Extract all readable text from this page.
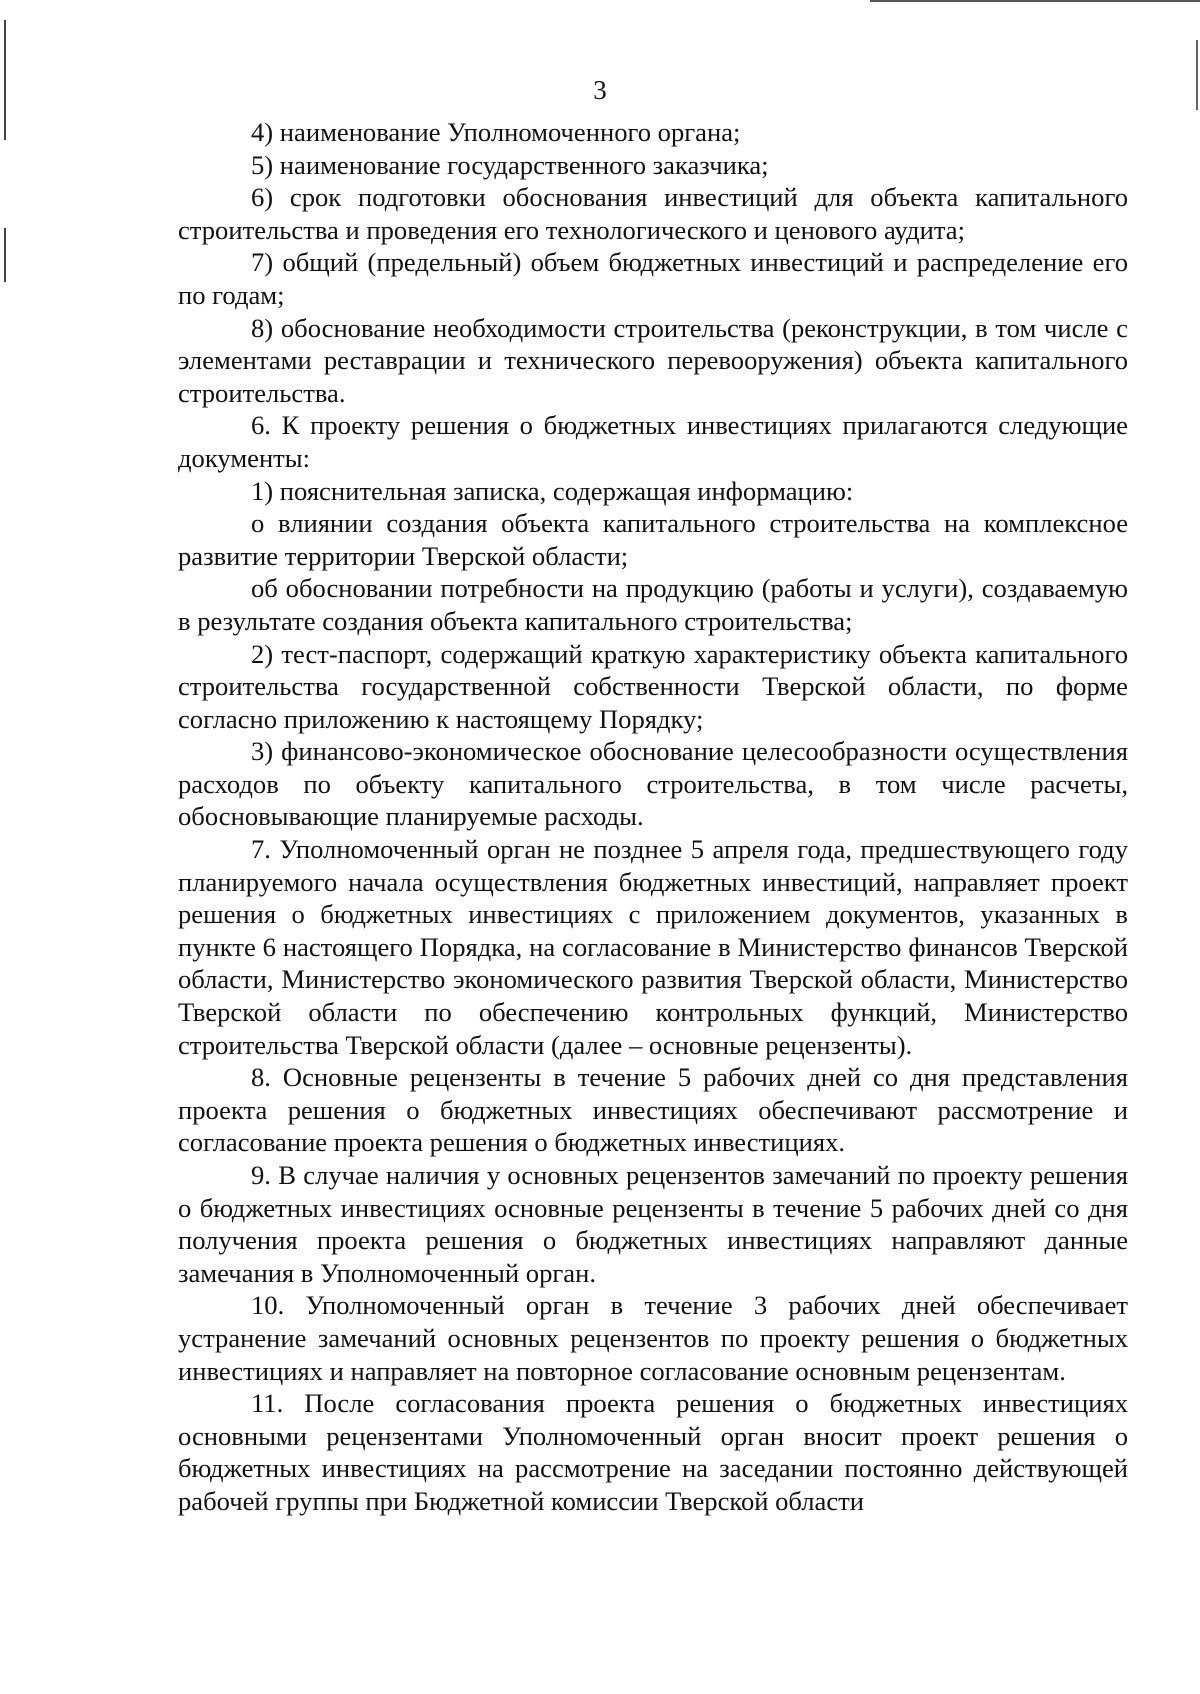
3

4) наименование Уполномоченного органа;

5) наименование государственного заказчика;

6) срок подготовки обоснования инвестиций для объекта капитального строительства и проведения его технологического и ценового аудита;

7) общий (предельный) объем бюджетных инвестиций и распределение его по годам;

8) обоснование необходимости строительства (реконструкции, в том числе с элементами реставрации и технического перевооружения) объекта капитального строительства.

6. К проекту решения о бюджетных инвестициях прилагаются следующие документы:

1) пояснительная записка, содержащая информацию:

о влиянии создания объекта капитального строительства на комплексное развитие территории Тверской области;

об обосновании потребности на продукцию (работы и услуги), создаваемую в результате создания объекта капитального строительства;

2) тест-паспорт, содержащий краткую характеристику объекта капитального строительства государственной собственности Тверской области, по форме согласно приложению к настоящему Порядку;

3) финансово-экономическое обоснование целесообразности осуществления расходов по объекту капитального строительства, в том числе расчеты, обосновывающие планируемые расходы.

7. Уполномоченный орган не позднее 5 апреля года, предшествующего году планируемого начала осуществления бюджетных инвестиций, направляет проект решения о бюджетных инвестициях с приложением документов, указанных в пункте 6 настоящего Порядка, на согласование в Министерство финансов Тверской области, Министерство экономического развития Тверской области, Министерство Тверской области по обеспечению контрольных функций, Министерство строительства Тверской области (далее – основные рецензенты).

8. Основные рецензенты в течение 5 рабочих дней со дня представления проекта решения о бюджетных инвестициях обеспечивают рассмотрение и согласование проекта решения о бюджетных инвестициях.

9. В случае наличия у основных рецензентов замечаний по проекту решения о бюджетных инвестициях основные рецензенты в течение 5 рабочих дней со дня получения проекта решения о бюджетных инвестициях направляют данные замечания в Уполномоченный орган.

10. Уполномоченный орган в течение 3 рабочих дней обеспечивает устранение замечаний основных рецензентов по проекту решения о бюджетных инвестициях и направляет на повторное согласование основным рецензентам.

11. После согласования проекта решения о бюджетных инвестициях основными рецензентами Уполномоченный орган вносит проект решения о бюджетных инвестициях на рассмотрение на заседании постоянно действующей рабочей группы при Бюджетной комиссии Тверской области
